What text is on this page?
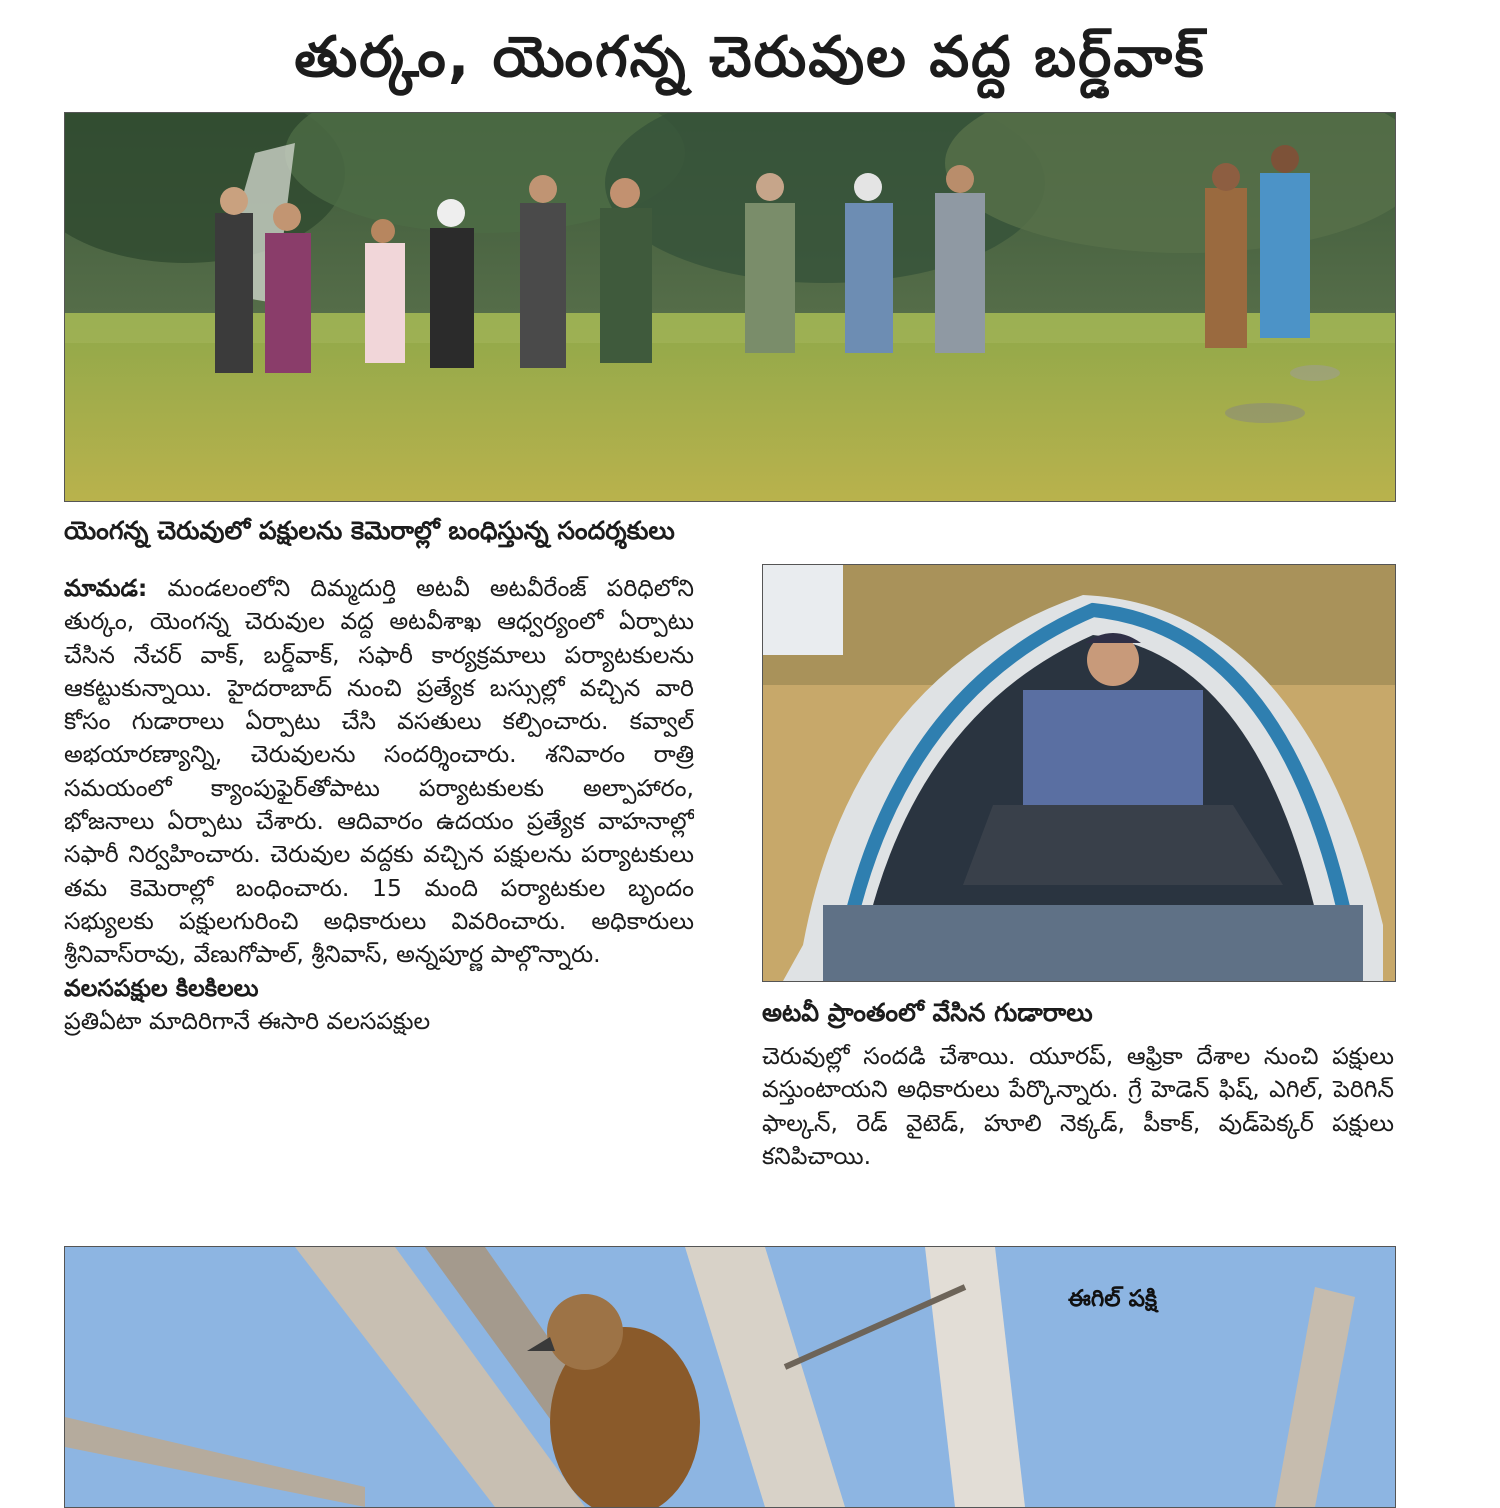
తుర్కం, యెంగన్న చెరువుల వద్ద బర్డ్‌వాక్
యెంగన్న చెరువులో పక్షులను కెమెరాల్లో బంధిస్తున్న సందర్శకులు
మామడ: మండలంలోని దిమ్మదుర్తి అటవీ అటవీరేంజ్ పరిధిలోని తుర్కం, యెంగన్న చెరువుల వద్ద అటవీశాఖ ఆధ్వర్యంలో ఏర్పాటు చేసిన నేచర్ వాక్, బర్డ్‌వాక్, సఫారీ కార్యక్రమాలు పర్యాటకులను ఆకట్టుకున్నాయి. హైదరాబాద్ నుంచి ప్రత్యేక బస్సుల్లో వచ్చిన వారి కోసం గుడారాలు ఏర్పాటు చేసి వసతులు కల్పించారు. కవ్వాల్ అభయారణ్యాన్ని, చెరువులను సందర్శించారు. శనివారం రాత్రి సమయంలో క్యాంపుఫైర్‌తోపాటు పర్యాటకులకు అల్పాహారం, భోజనాలు ఏర్పాటు చేశారు. ఆదివారం ఉదయం ప్రత్యేక వాహనాల్లో సఫారీ నిర్వహించారు. చెరువుల వద్దకు వచ్చిన పక్షులను పర్యాటకులు తమ కెమెరాల్లో బంధించారు. 15 మంది పర్యాటకుల బృందం సభ్యులకు పక్షులగురించి అధికారులు వివరించారు. అధికారులు శ్రీనివాస్‌రావు, వేణుగోపాల్, శ్రీనివాస్, అన్నపూర్ణ పాల్గొన్నారు.
వలసపక్షుల కిలకిలలు
ప్రతిఏటా మాదిరిగానే ఈసారి వలసపక్షుల	అటవీ ప్రాంతంలో వేసిన గుడారాలు
చెరువుల్లో సందడి చేశాయి. యూరప్, ఆఫ్రికా దేశాల నుంచి పక్షులు వస్తుంటాయని అధికారులు పేర్కొన్నారు. గ్రే హెడెన్ ఫిష్, ఎగిల్, పెరిగిన్ ఫాల్కన్, రెడ్ వైటెడ్, హూలి నెక్కడ్, పీకాక్, వుడ్‌పెక్కర్ పక్షులు కనిపిచాయి.
ఈగిల్ పక్షి
